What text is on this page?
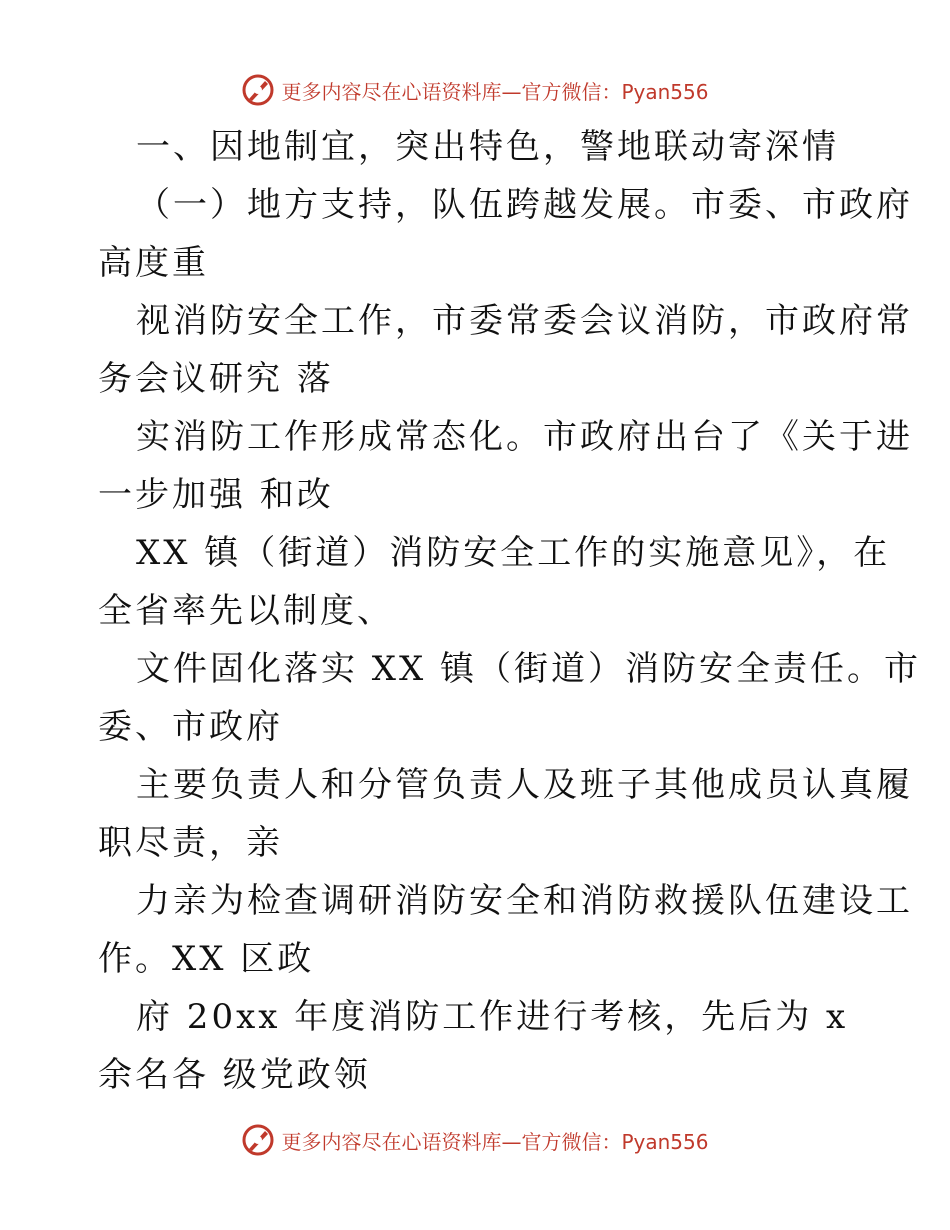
更多内容尽在心语资料库—官方微信：Pyan556
一、因地制宜，突出特色，警地联动寄深情
（一）地方支持，队伍跨越发展。市委、市政府
高度重
视消防安全工作，市委常委会议消防，市政府常
务会议研究 落
实消防工作形成常态化。市政府出台了《关于进
一步加强 和改
XX 镇（街道）消防安全工作的实施意见》，在
全省率先以制度、
文件固化落实 XX 镇（街道）消防安全责任。市
委、市政府
主要负责人和分管负责人及班子其他成员认真履
职尽责，亲
力亲为检查调研消防安全和消防救援队伍建设工
作。XX 区政
府 20xx 年度消防工作进行考核，先后为 x
余名各 级党政领
更多内容尽在心语资料库—官方微信：Pyan556
